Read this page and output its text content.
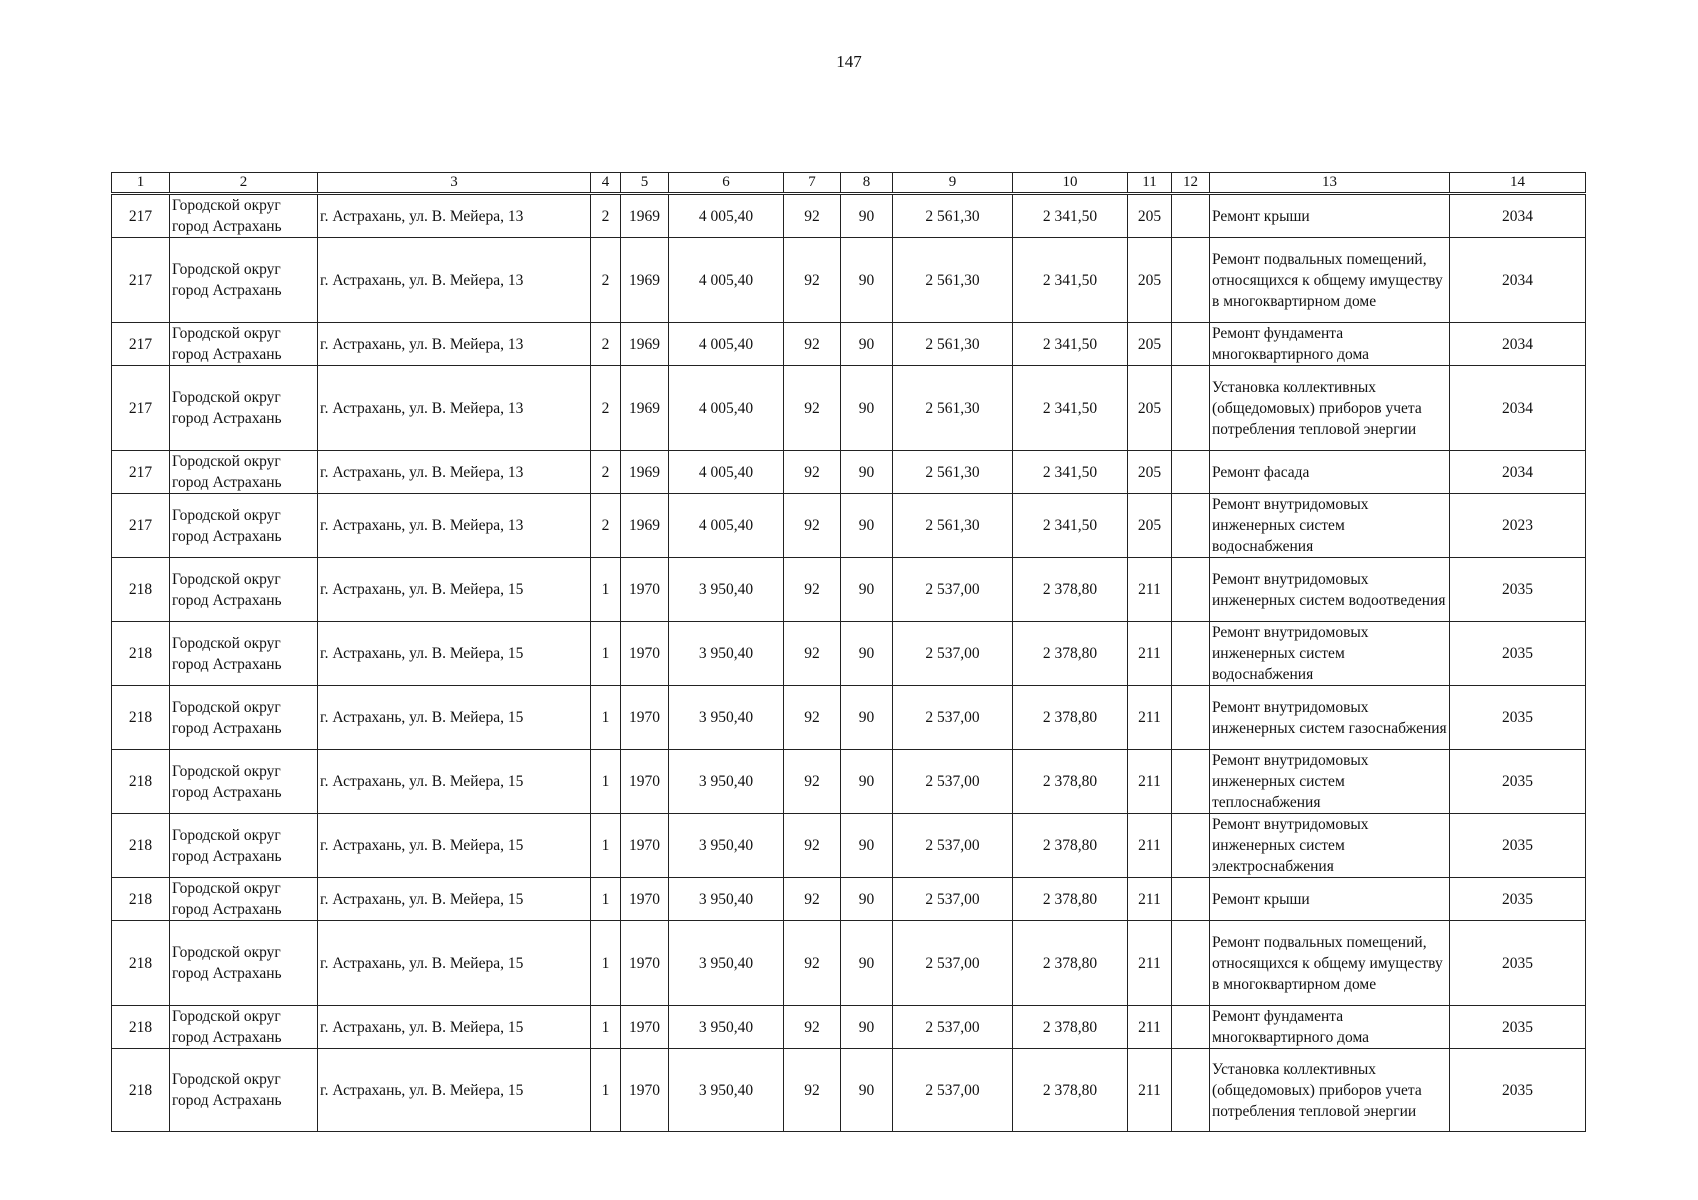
147
1	2	3	4	5	6	7	8	9	10	11	12	13	14
217	Городской округ город Астрахань	г. Астрахань, ул. В. Мейера, 13	2	1969	4 005,40	92	90	2 561,30	2 341,50	205		Ремонт крыши	2034
217	Городской округ город Астрахань	г. Астрахань, ул. В. Мейера, 13	2	1969	4 005,40	92	90	2 561,30	2 341,50	205		Ремонт подвальных помещений, относящихся к общему имуществу в многоквартирном доме	2034
217	Городской округ город Астрахань	г. Астрахань, ул. В. Мейера, 13	2	1969	4 005,40	92	90	2 561,30	2 341,50	205		Ремонт фундамента многоквартирного дома	2034
217	Городской округ город Астрахань	г. Астрахань, ул. В. Мейера, 13	2	1969	4 005,40	92	90	2 561,30	2 341,50	205		Установка коллективных (общедомовых) приборов учета потребления тепловой энергии	2034
217	Городской округ город Астрахань	г. Астрахань, ул. В. Мейера, 13	2	1969	4 005,40	92	90	2 561,30	2 341,50	205		Ремонт фасада	2034
217	Городской округ город Астрахань	г. Астрахань, ул. В. Мейера, 13	2	1969	4 005,40	92	90	2 561,30	2 341,50	205		Ремонт внутридомовых инженерных систем водоснабжения	2023
218	Городской округ город Астрахань	г. Астрахань, ул. В. Мейера, 15	1	1970	3 950,40	92	90	2 537,00	2 378,80	211		Ремонт внутридомовых инженерных систем водоотведения	2035
218	Городской округ город Астрахань	г. Астрахань, ул. В. Мейера, 15	1	1970	3 950,40	92	90	2 537,00	2 378,80	211		Ремонт внутридомовых инженерных систем водоснабжения	2035
218	Городской округ город Астрахань	г. Астрахань, ул. В. Мейера, 15	1	1970	3 950,40	92	90	2 537,00	2 378,80	211		Ремонт внутридомовых инженерных систем газоснабжения	2035
218	Городской округ город Астрахань	г. Астрахань, ул. В. Мейера, 15	1	1970	3 950,40	92	90	2 537,00	2 378,80	211		Ремонт внутридомовых инженерных систем теплоснабжения	2035
218	Городской округ город Астрахань	г. Астрахань, ул. В. Мейера, 15	1	1970	3 950,40	92	90	2 537,00	2 378,80	211		Ремонт внутридомовых инженерных систем электроснабжения	2035
218	Городской округ город Астрахань	г. Астрахань, ул. В. Мейера, 15	1	1970	3 950,40	92	90	2 537,00	2 378,80	211		Ремонт крыши	2035
218	Городской округ город Астрахань	г. Астрахань, ул. В. Мейера, 15	1	1970	3 950,40	92	90	2 537,00	2 378,80	211		Ремонт подвальных помещений, относящихся к общему имуществу в многоквартирном доме	2035
218	Городской округ город Астрахань	г. Астрахань, ул. В. Мейера, 15	1	1970	3 950,40	92	90	2 537,00	2 378,80	211		Ремонт фундамента многоквартирного дома	2035
218	Городской округ город Астрахань	г. Астрахань, ул. В. Мейера, 15	1	1970	3 950,40	92	90	2 537,00	2 378,80	211		Установка коллективных (общедомовых) приборов учета потребления тепловой энергии	2035
